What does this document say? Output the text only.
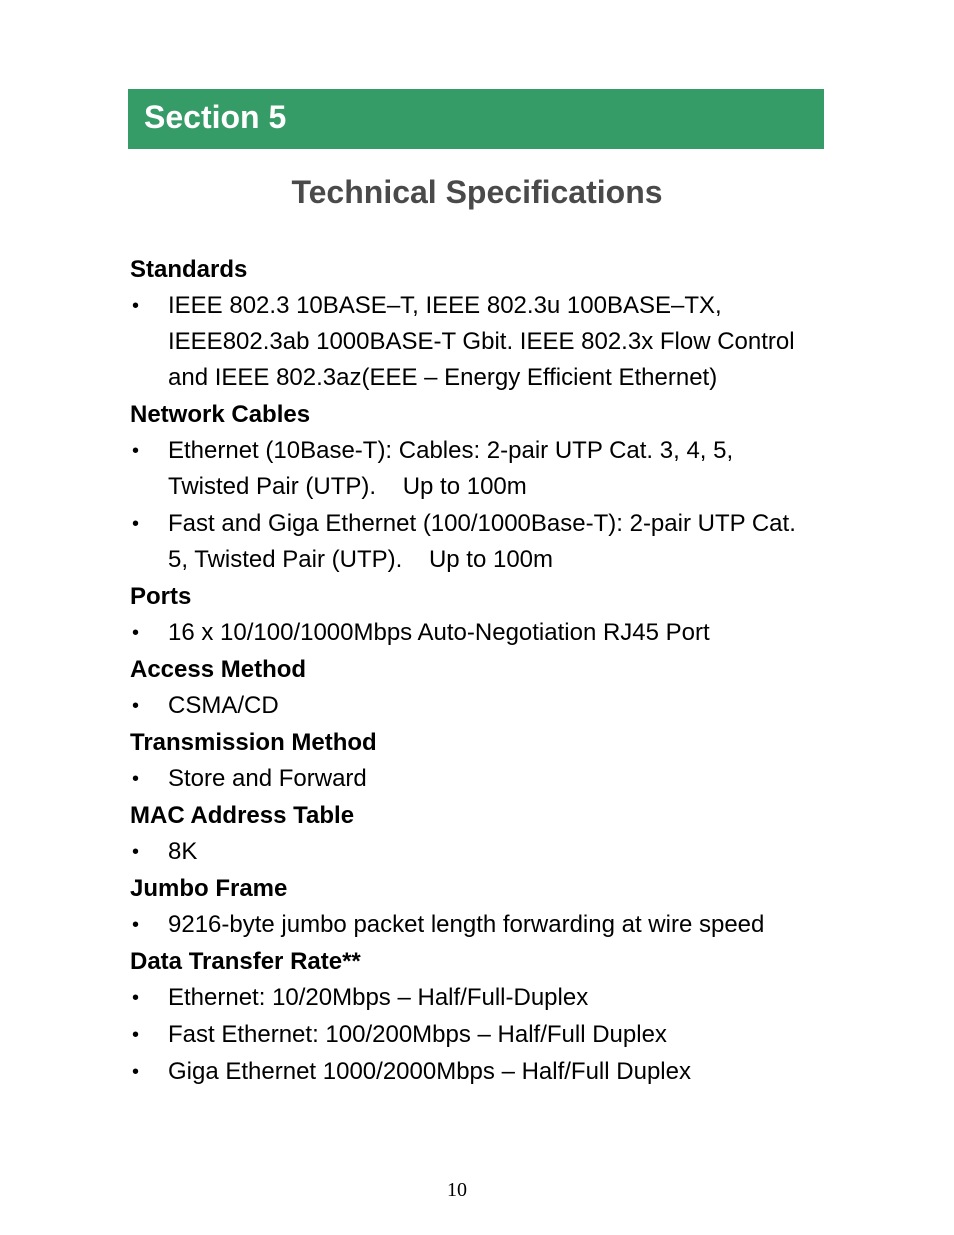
Section 5
Technical Specifications
Standards
• IEEE 802.3 10BASE–T, IEEE 802.3u 100BASE–TX, IEEE802.3ab 1000BASE-T Gbit. IEEE 802.3x Flow Control and IEEE 802.3az(EEE – Energy Efficient Ethernet)
Network Cables
• Ethernet (10Base-T): Cables: 2-pair UTP Cat. 3, 4, 5, Twisted Pair (UTP).    Up to 100m
• Fast and Giga Ethernet (100/1000Base-T): 2-pair UTP Cat. 5, Twisted Pair (UTP).    Up to 100m
Ports
• 16 x 10/100/1000Mbps Auto-Negotiation RJ45 Port
Access Method
• CSMA/CD
Transmission Method
• Store and Forward
MAC Address Table
• 8K
Jumbo Frame
• 9216-byte jumbo packet length forwarding at wire speed
Data Transfer Rate**
• Ethernet: 10/20Mbps – Half/Full-Duplex
• Fast Ethernet: 100/200Mbps – Half/Full Duplex
• Giga Ethernet 1000/2000Mbps – Half/Full Duplex
10
